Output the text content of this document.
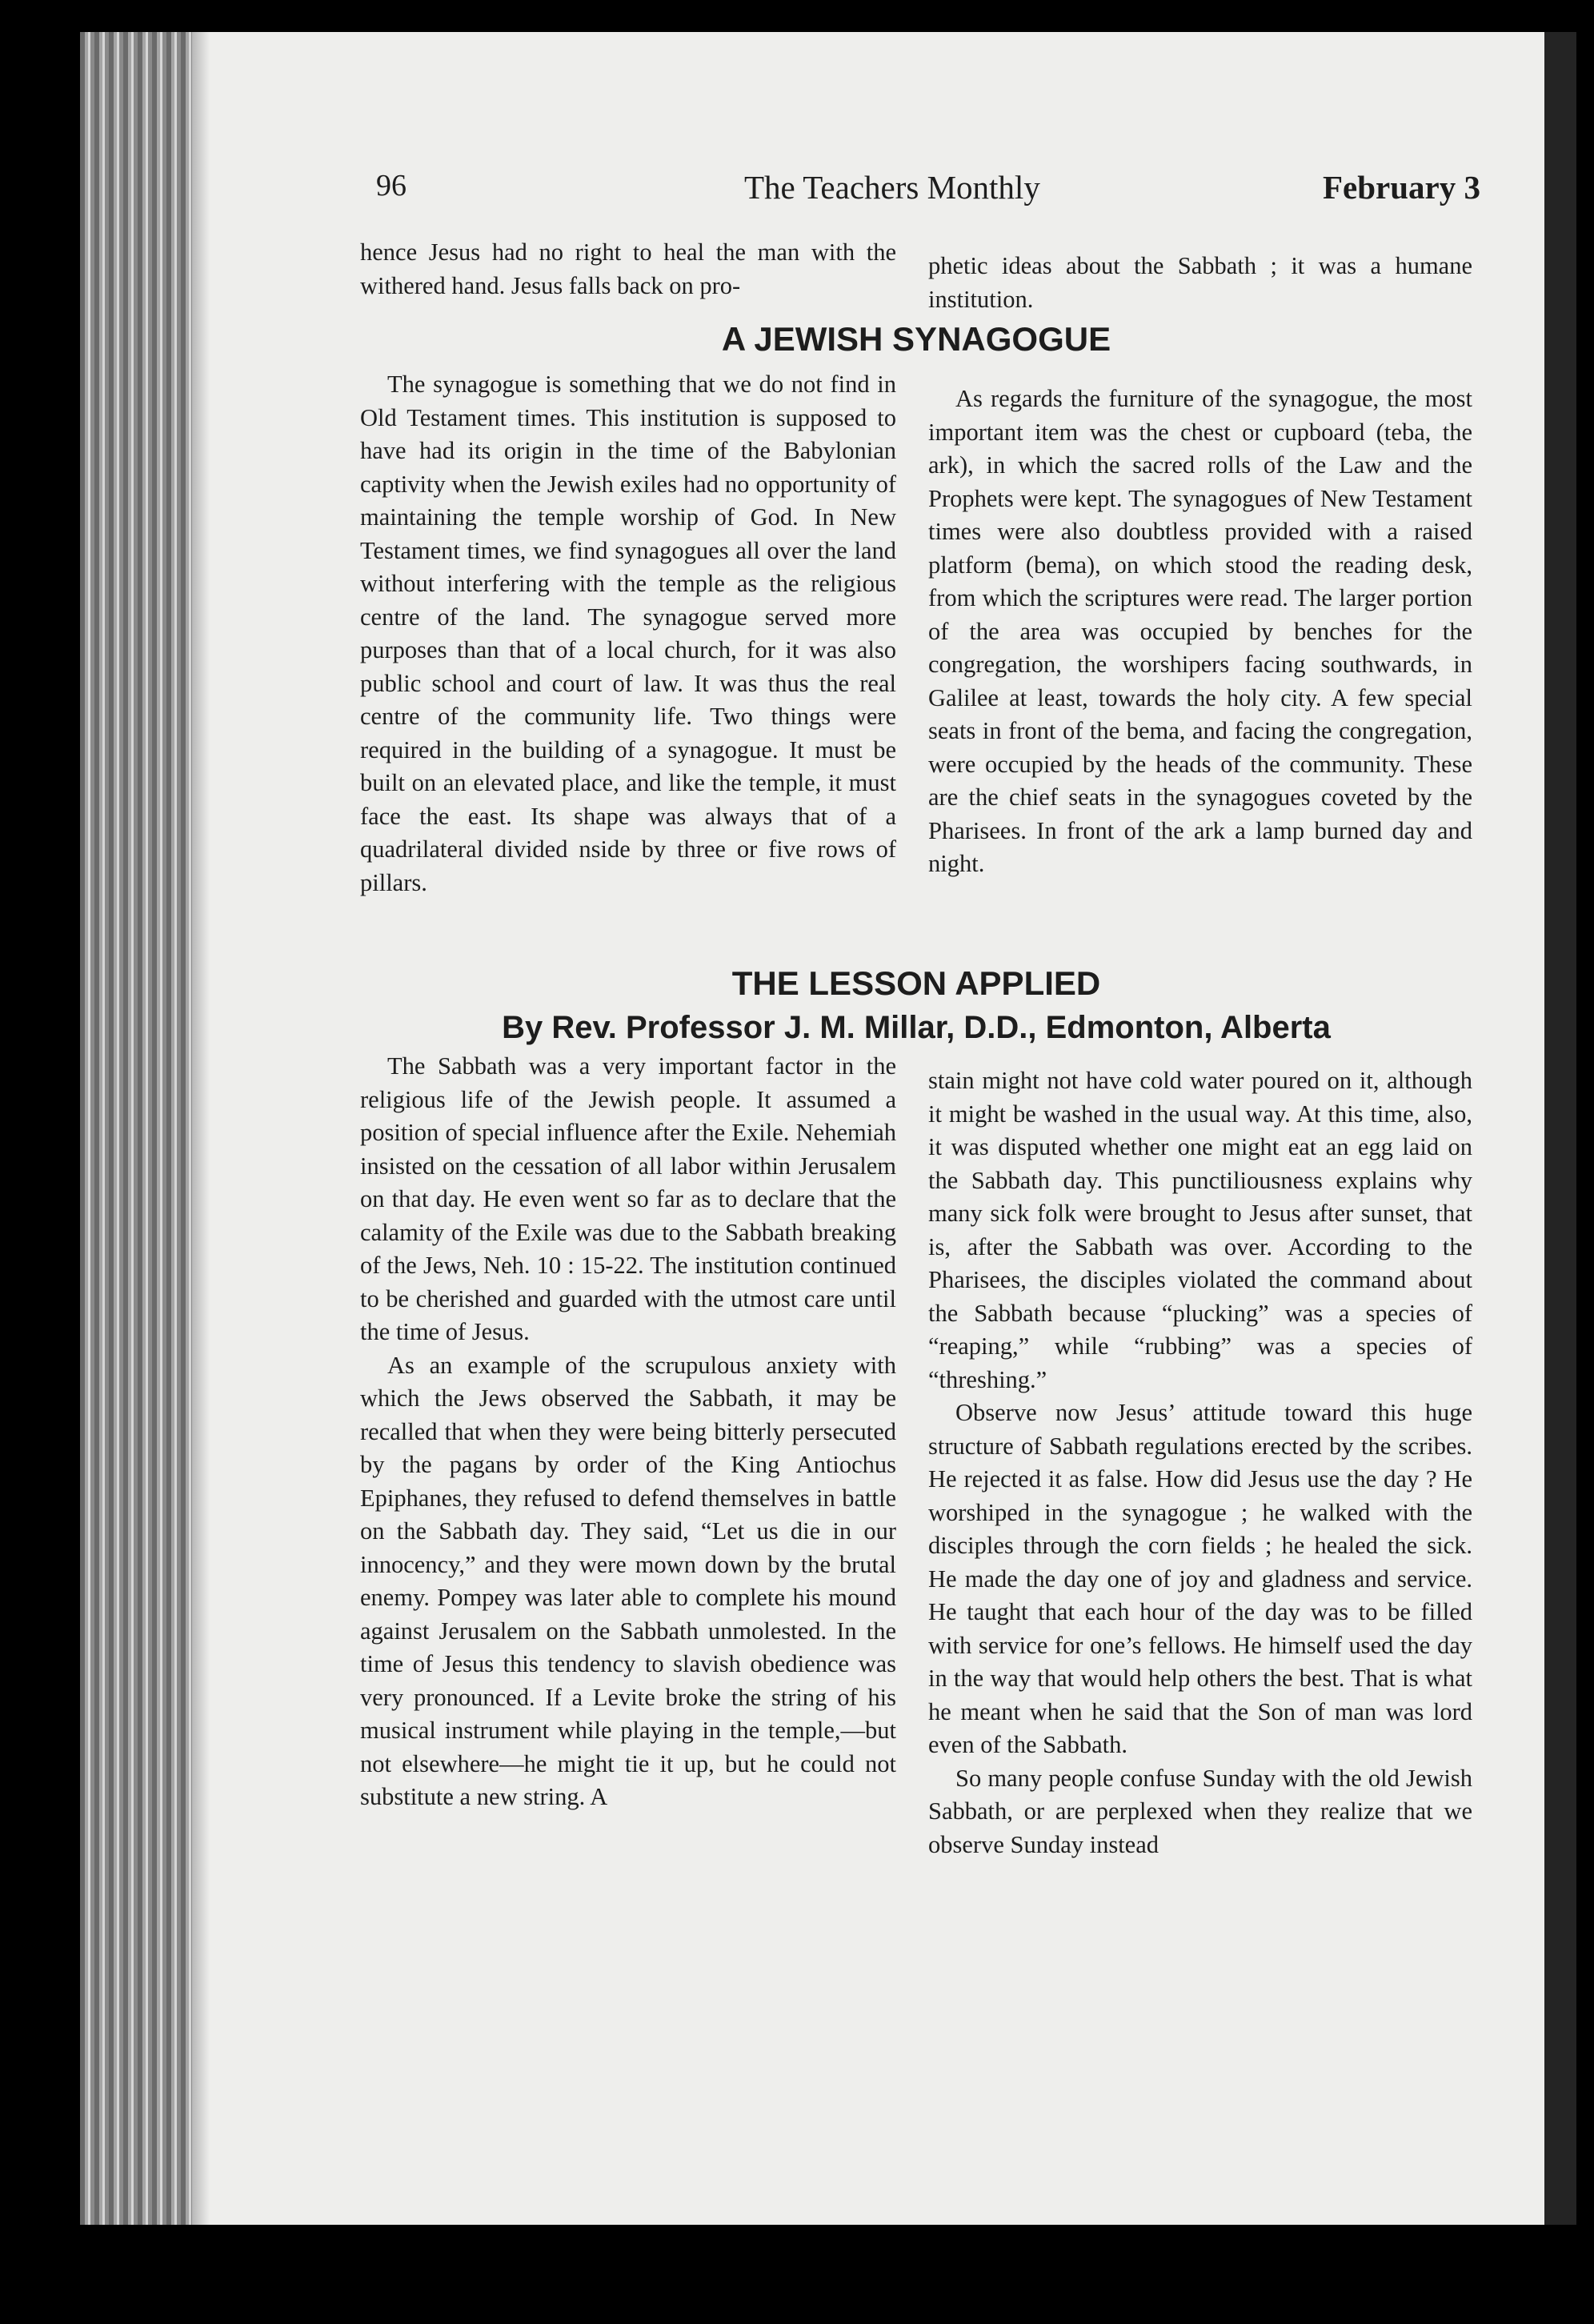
96	The Teachers Monthly	February 3

hence Jesus had no right to heal the man with the withered hand. Jesus falls back on pro-

phetic ideas about the Sabbath ; it was a humane institution.

A JEWISH SYNAGOGUE

The synagogue is something that we do not find in Old Testament times. This institution is supposed to have had its origin in the time of the Babylonian captivity when the Jewish exiles had no opportunity of maintaining the temple worship of God. In New Testament times, we find synagogues all over the land without interfering with the temple as the religious centre of the land. The synagogue served more purposes than that of a local church, for it was also public school and court of law. It was thus the real centre of the community life. Two things were required in the building of a synagogue. It must be built on an elevated place, and like the temple, it must face the east. Its shape was always that of a quadrilateral divided nside by three or five rows of pillars.

As regards the furniture of the synagogue, the most important item was the chest or cupboard (teba, the ark), in which the sacred rolls of the Law and the Prophets were kept. The synagogues of New Testament times were also doubtless provided with a raised platform (bema), on which stood the reading desk, from which the scriptures were read. The larger portion of the area was occupied by benches for the congregation, the worshipers facing southwards, in Galilee at least, towards the holy city. A few special seats in front of the bema, and facing the congregation, were occupied by the heads of the community. These are the chief seats in the synagogues coveted by the Pharisees. In front of the ark a lamp burned day and night.

THE LESSON APPLIED
By Rev. Professor J. M. Millar, D.D., Edmonton, Alberta

The Sabbath was a very important factor in the religious life of the Jewish people. It assumed a position of special influence after the Exile. Nehemiah insisted on the cessation of all labor within Jerusalem on that day. He even went so far as to declare that the calamity of the Exile was due to the Sabbath breaking of the Jews, Neh. 10 : 15-22. The institution continued to be cherished and guarded with the utmost care until the time of Jesus.

As an example of the scrupulous anxiety with which the Jews observed the Sabbath, it may be recalled that when they were being bitterly persecuted by the pagans by order of the King Antiochus Epiphanes, they refused to defend themselves in battle on the Sabbath day. They said, “Let us die in our innocency,” and they were mown down by the brutal enemy. Pompey was later able to complete his mound against Jerusalem on the Sabbath unmolested. In the time of Jesus this tendency to slavish obedience was very pronounced. If a Levite broke the string of his musical instrument while playing in the temple,—but not elsewhere—he might tie it up, but he could not substitute a new string. A

stain might not have cold water poured on it, although it might be washed in the usual way. At this time, also, it was disputed whether one might eat an egg laid on the Sabbath day. This punctiliousness explains why many sick folk were brought to Jesus after sunset, that is, after the Sabbath was over. According to the Pharisees, the disciples violated the command about the Sabbath because “plucking” was a species of “reaping,” while “rubbing” was a species of “threshing.”

Observe now Jesus’ attitude toward this huge structure of Sabbath regulations erected by the scribes. He rejected it as false. How did Jesus use the day ? He worshiped in the synagogue ; he walked with the disciples through the corn fields ; he healed the sick. He made the day one of joy and gladness and service. He taught that each hour of the day was to be filled with service for one’s fellows. He himself used the day in the way that would help others the best. That is what he meant when he said that the Son of man was lord even of the Sabbath.

So many people confuse Sunday with the old Jewish Sabbath, or are perplexed when they realize that we observe Sunday instead
